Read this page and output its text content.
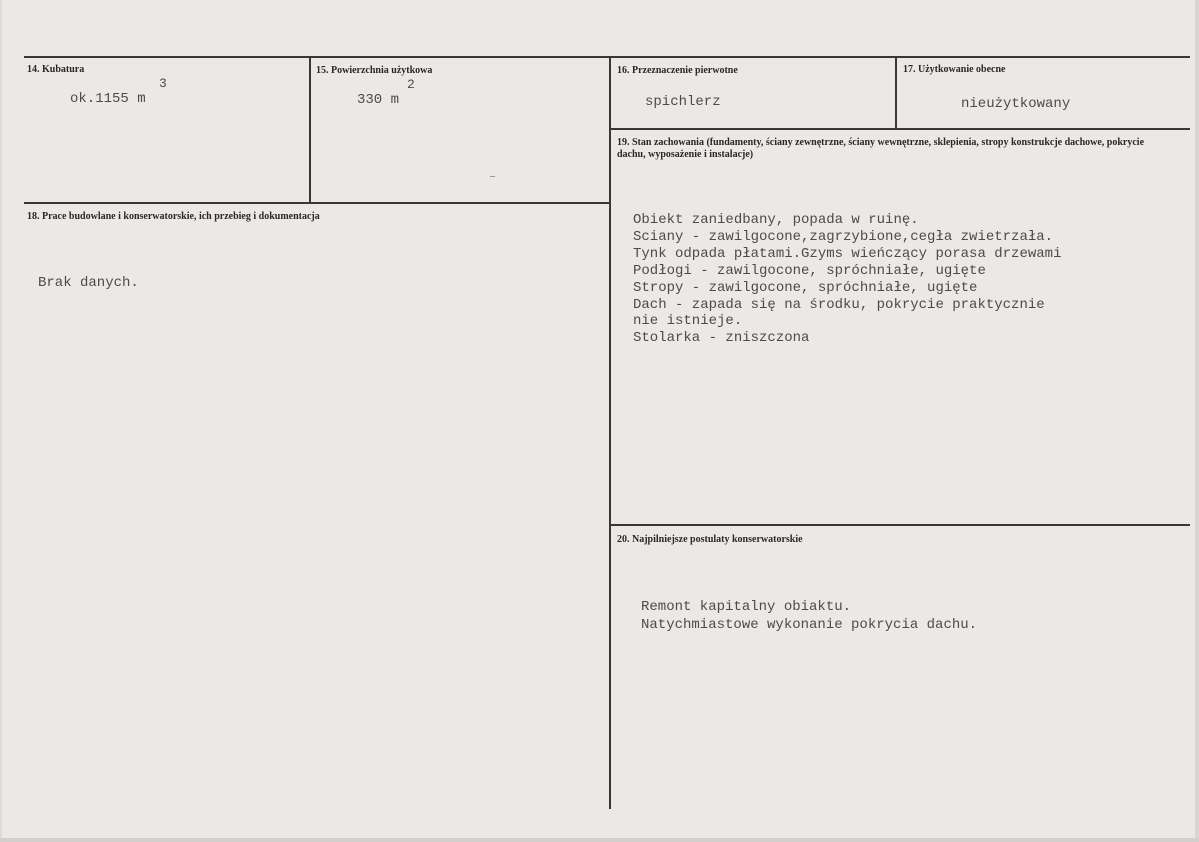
14. Kubatura
3
ok.1155 m
15. Powierzchnia użytkowa
2
330 m
16. Przeznaczenie pierwotne
spichlerz
17. Użytkowanie obecne
nieużytkowany
18. Prace budowlane i konserwatorskie, ich przebieg i dokumentacja
Brak danych.
19. Stan zachowania (fundamenty, ściany zewnętrzne, ściany wewnętrzne, sklepienia, stropy konstrukcje dachowe, pokrycie dachu, wyposażenie i instalacje)
Obiekt zaniedbany, popada w ruinę.
Sciany - zawilgocone,zagrzybione,cegła zwietrzała.
Tynk odpada płatami.Gzyms wieńczący porasa drzewami
Podłogi - zawilgocone, spróchniałe, ugięte
Stropy - zawilgocone, spróchniałe, ugięte
Dach - zapada się na środku, pokrycie praktycznie
nie istnieje.
Stolarka - zniszczona
20. Najpilniejsze postulaty konserwatorskie
Remont kapitalny obiaktu.
Natychmiastowe wykonanie pokrycia dachu.
